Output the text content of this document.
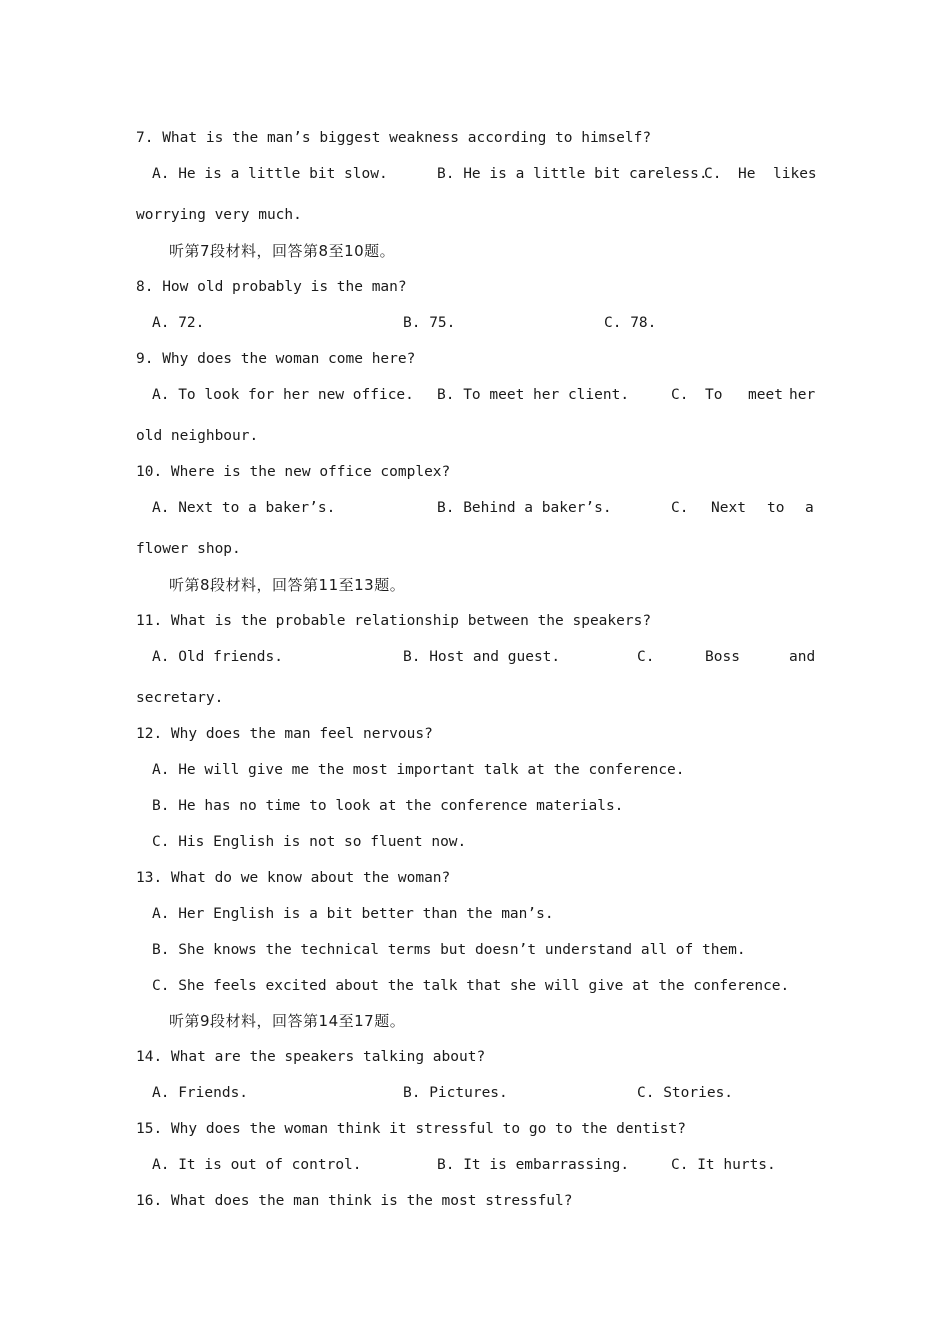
7. What is the man’s biggest weakness according to himself?
A. He is a little bit slow.	B. He is a little bit careless.
C. He likes
worrying very much.
听第7段材料，回答第8至10题。
8. How old probably is the man?
A. 72.	B. 75.	C. 78.
9. Why does the woman come here?
A. To look for her new office. B. To meet her client.	C. To meet her
old neighbour.
10. Where is the new office complex?
A. Next to a baker’s.	B. Behind a baker’s.	C. Next to a
flower shop.
听第8段材料，回答第11至13题。
11. What is the probable relationship between the speakers?
A. Old friends.	B. Host and guest.	C.	Boss	and
secretary.
12. Why does the man feel nervous?
A. He will give me the most important talk at the conference.
B. He has no time to look at the conference materials.
C. His English is not so fluent now.
13. What do we know about the woman?
A. Her English is a bit better than the man’s.
B. She knows the technical terms but doesn’t understand all of them.
C. She feels excited about the talk that she will give at the conference.
听第9段材料，回答第14至17题。
14. What are the speakers talking about?
A. Friends.	B. Pictures.	C. Stories.
15. Why does the woman think it stressful to go to the dentist?
A. It is out of control.	B. It is embarrassing.	C. It hurts.
16. What does the man think is the most stressful?
